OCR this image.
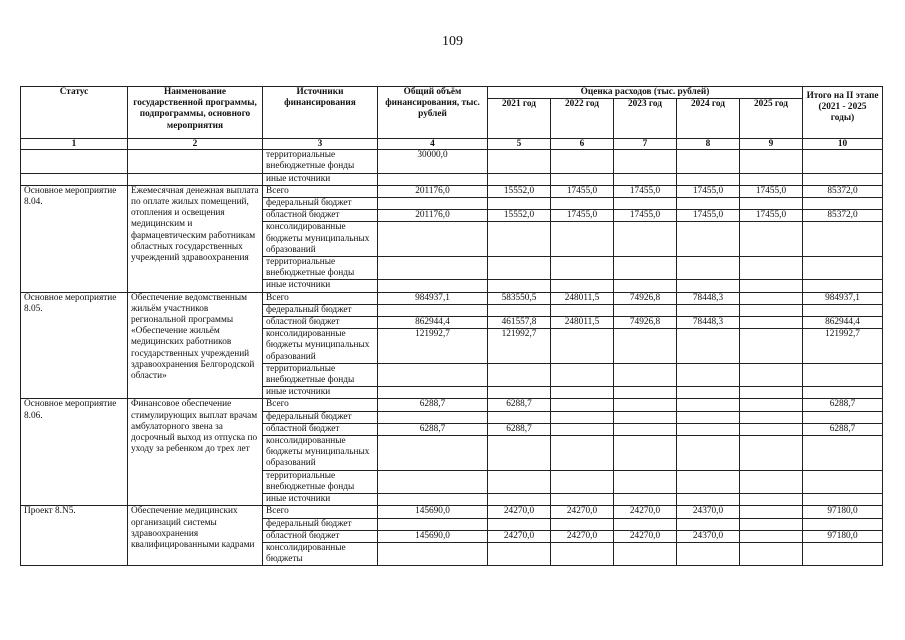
109
Статус	Наименование государственной программы, подпрограммы, основного мероприятия	Источники финансирования	Общий объём финансирования, тыс. рублей	Оценка расходов (тыс. рублей)					Итого на II этапе (2021 - 2025 годы)
				2021 год	2022 год	2023 год	2024 год	2025 год	
1	2	3	4	5	6	7	8	9	10
		территориальные внебюджетные фонды	30000,0						
		иные источники							
Основное мероприятие 8.04.	Ежемесячная денежная выплата по оплате жилых помещений, отопления и освещения медицинским и фармацевтическим работникам областных государственных учреждений здравоохранения	Всего	201176,0	15552,0	17455,0	17455,0	17455,0	17455,0	85372,0
		федеральный бюджет							
		областной бюджет	201176,0	15552,0	17455,0	17455,0	17455,0	17455,0	85372,0
		консолидированные бюджеты муниципальных образований							
		территориальные внебюджетные фонды							
		иные источники							
Основное мероприятие 8.05.	Обеспечение ведомственным жильём участников региональной программы «Обеспечение жильём медицинских работников государственных учреждений здравоохранения Белгородской области»	Всего	984937,1	583550,5	248011,5	74926,8	78448,3		984937,1
		федеральный бюджет							
		областной бюджет	862944,4	461557,8	248011,5	74926,8	78448,3		862944,4
		консолидированные бюджеты муниципальных образований	121992,7	121992,7					121992,7
		территориальные внебюджетные фонды							
		иные источники							
Основное мероприятие 8.06.	Финансовое обеспечение стимулирующих выплат врачам амбулаторного звена за досрочный выход из отпуска по уходу за ребенком до трех лет	Всего	6288,7	6288,7					6288,7
		федеральный бюджет							
		областной бюджет	6288,7	6288,7					6288,7
		консолидированные бюджеты муниципальных образований							
		территориальные внебюджетные фонды							
		иные источники							
Проект 8.N5.	Обеспечение медицинских организаций системы здравоохранения квалифицированными кадрами	Всего	145690,0	24270,0	24270,0	24270,0	24370,0		97180,0
		федеральный бюджет							
		областной бюджет	145690,0	24270,0	24270,0	24270,0	24370,0		97180,0
		консолидированные бюджеты							
